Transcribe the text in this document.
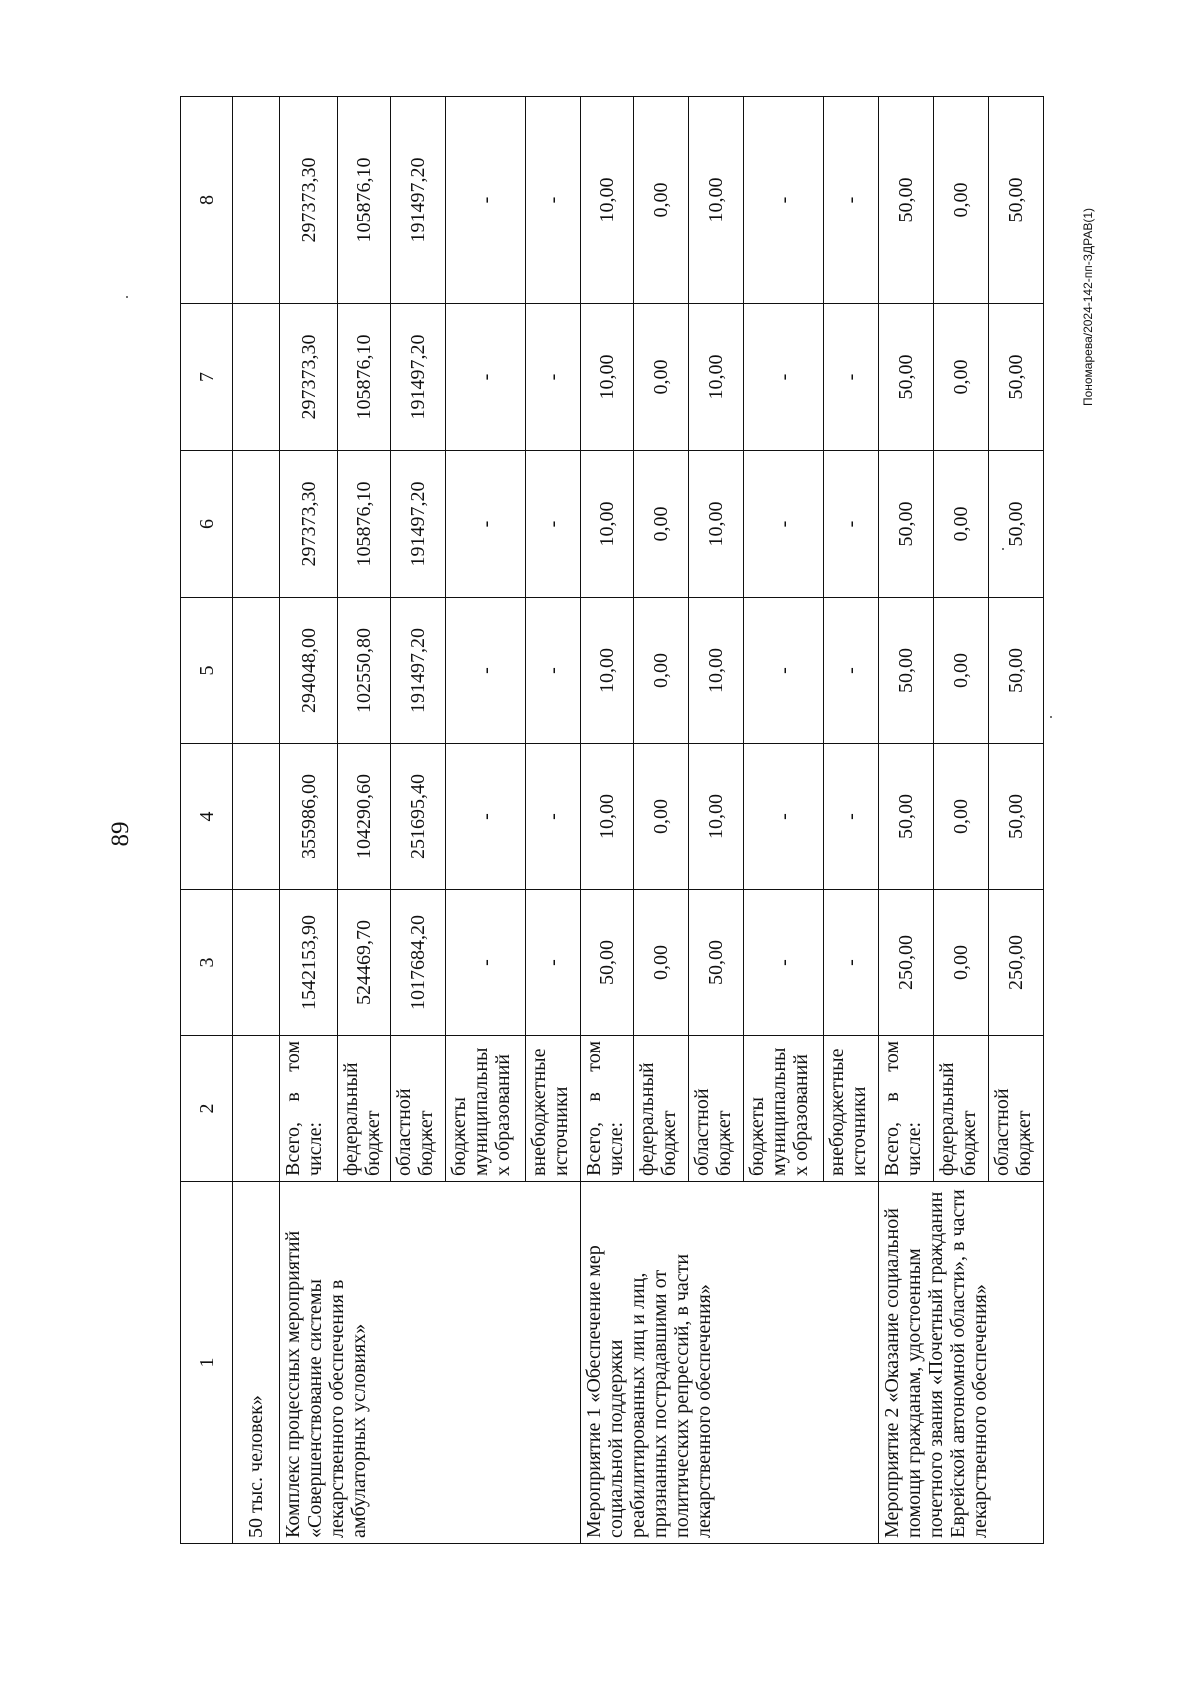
89
Пономарева/2024-142-пп-ЗДРАВ(1)
1	2	3	4	5	6	7	8
50 тыс. человек»							
Комплекс процессных мероприятий «Совершенствование системы лекарственного обеспечения в амбулаторных условиях»	Всего,
в
том
числе:	1542153,90	355986,00	294048,00	297373,30	297373,30	297373,30
	федеральный бюджет	524469,70	104290,60	102550,80	105876,10	105876,10	105876,10
	областной бюджет	1017684,20	251695,40	191497,20	191497,20	191497,20	191497,20
	бюджеты муниципальных образований	-	-	-	-	-	-
	внебюджетные источники	-	-	-	-	-	-
Мероприятие 1 «Обеспечение мер социальной поддержки реабилитированных лиц и лиц, признанных пострадавшими от политических репрессий, в части лекарственного обеспечения»	Всего,
в
том
числе:	50,00	10,00	10,00	10,00	10,00	10,00
	федеральный бюджет	0,00	0,00	0,00	0,00	0,00	0,00
	областной бюджет	50,00	10,00	10,00	10,00	10,00	10,00
	бюджеты муниципальных образований	-	-	-	-	-	-
	внебюджетные источники	-	-	-	-	-	-
Мероприятие 2 «Оказание социальной помощи гражданам, удостоенным почетного звания «Почетный гражданин Еврейской автономной области», в части лекарственного обеспечения»	Всего,
в
том
числе:	250,00	50,00	50,00	50,00	50,00	50,00
	федеральный бюджет	0,00	0,00	0,00	0,00	0,00	0,00
	областной бюджет	250,00	50,00	50,00	50,00	50,00	50,00
